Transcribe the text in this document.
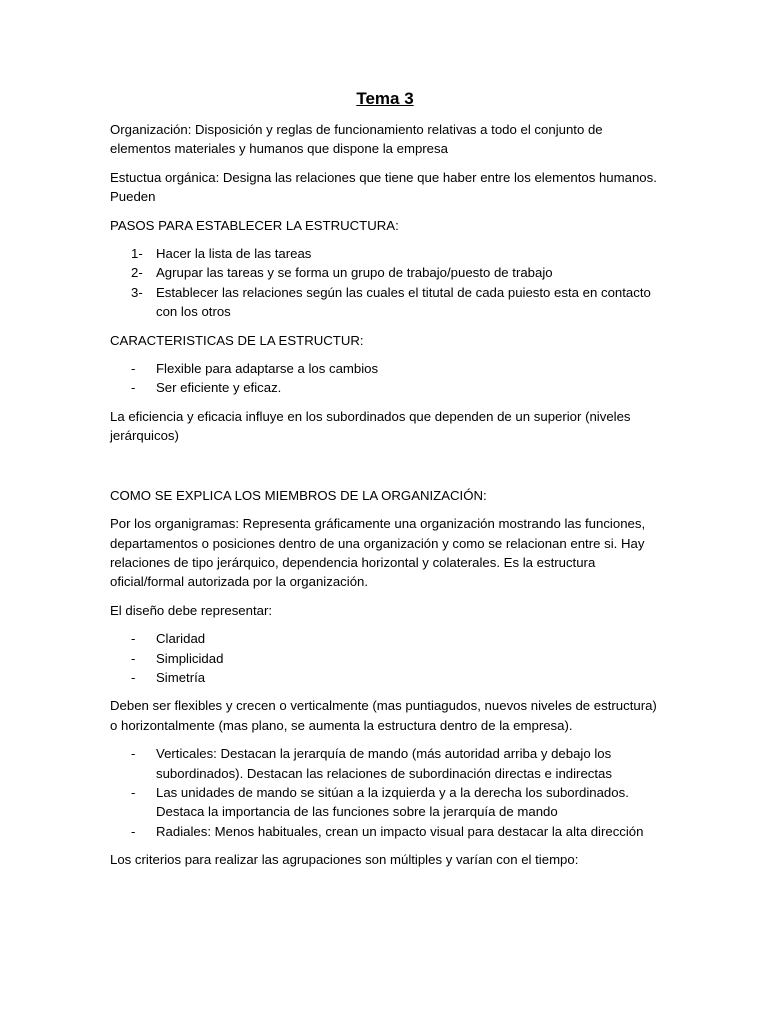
Tema 3

Organización: Disposición y reglas de funcionamiento relativas a todo el conjunto de elementos materiales y humanos que dispone la empresa

Estuctua orgánica: Designa las relaciones que tiene que haber entre los elementos humanos. Pueden

PASOS PARA ESTABLECER LA ESTRUCTURA:

1- Hacer la lista de las tareas
2- Agrupar las tareas y se forma un grupo de trabajo/puesto de trabajo
3- Establecer las relaciones según las cuales el titutal de cada puiesto esta en contacto con los otros

CARACTERISTICAS DE LA ESTRUCTUR:

- Flexible para adaptarse a los cambios
- Ser eficiente y eficaz.

La eficiencia y eficacia influye en los subordinados que dependen de un superior (niveles jerárquicos)

COMO SE EXPLICA LOS MIEMBROS DE LA ORGANIZACIÓN:

Por los organigramas: Representa gráficamente una organización mostrando las funciones, departamentos o posiciones dentro de una organización y como se relacionan entre si. Hay relaciones de tipo jerárquico, dependencia horizontal y colaterales. Es la estructura oficial/formal autorizada por la organización.

El diseño debe representar:

- Claridad
- Simplicidad
- Simetría

Deben ser flexibles y crecen o verticalmente (mas puntiagudos, nuevos niveles de estructura) o horizontalmente (mas plano, se aumenta la estructura dentro de la empresa).

- Verticales: Destacan la jerarquía de mando (más autoridad arriba y debajo los subordinados). Destacan las relaciones de subordinación directas e indirectas
- Las unidades de mando se sitúan a la izquierda y a la derecha los subordinados. Destaca la importancia de las funciones sobre la jerarquía de mando
- Radiales: Menos habituales, crean un impacto visual para destacar la alta dirección

Los criterios para realizar las agrupaciones son múltiples y varían con el tiempo:
